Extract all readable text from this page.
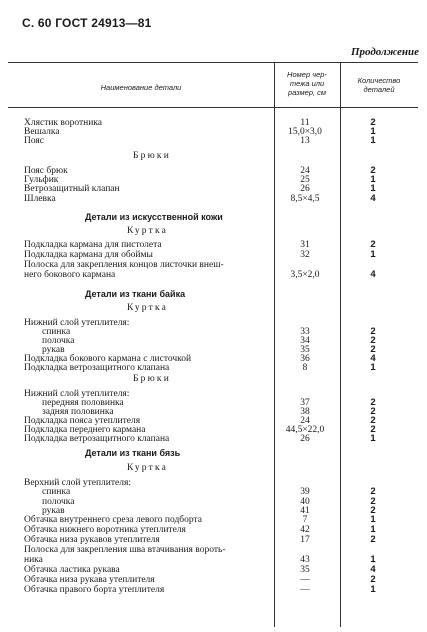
С. 60 ГОСТ 24913—81
Продолжение
Наименование детали
Номер чер-
тежа или
размер, см
Количество
деталей
Брюки
Детали из искусственной кожи
Куртка
Детали из ткани байка
Куртка
Брюки
Детали из ткани бязь
Куртка
Хлястик воротника	11	2
Вешалка	15,0×3,0	1
Пояс	13	1
Пояс брюк	24	2
Гульфик	25	1
Ветрозащитный клапан	26	1
Шлевка	8,5×4,5	4
Подкладка кармана для пистолета	31	2
Подкладка кармана для обоймы	32	1
Полоска для закрепления концов листочки внеш-
него бокового кармана	3,5×2,0	4
Нижний слой утеплителя:
спинка	33	2
полочка	34	2
рукав	35	2
Подкладка бокового кармана с листочкой	36	4
Подкладка ветрозащитного клапана	8	1
Нижний слой утеплителя:
передняя половинка	37	2
задняя половинка	38	2
Подкладка пояса утеплителя	24	2
Подкладка переднего кармана	44,5×22,0	2
Подкладка ветрозащитного клапана	26	1
Верхний слой утеплителя:
спинка	39	2
полочка	40	2
рукав	41	2
Обтачка внутреннего среза левого подборта	7	1
Обтачка нижнего воротника утеплителя	42	1
Обтачка низа рукавов утеплителя	17	2
Полоска для закрепления шва втачивания вороть-
ника	43	1
Обтачка ластика рукава	35	4
Обтачка низа рукава утеплителя	—	2
Обтачка правого борта утеплителя	—	1
